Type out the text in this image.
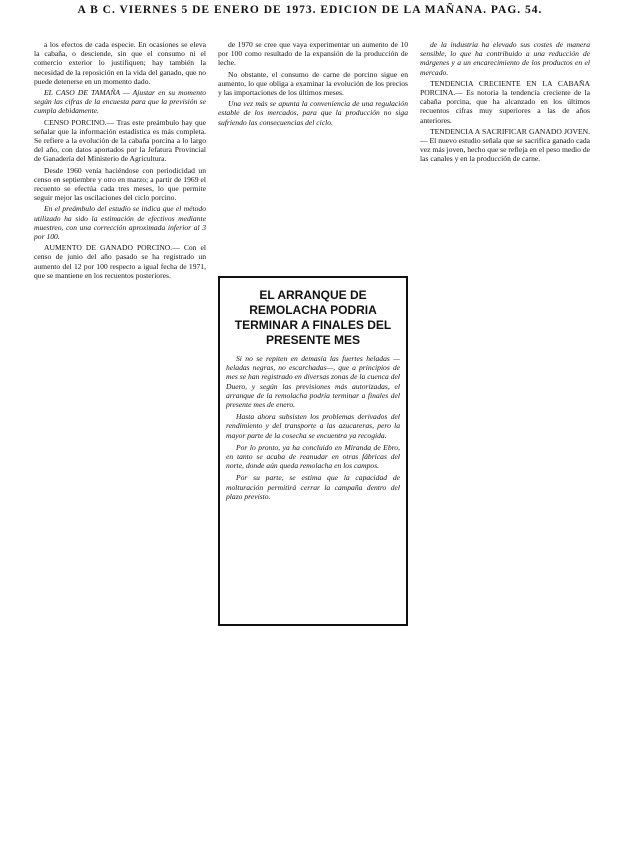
A B C. VIERNES 5 DE ENERO DE 1973. EDICION DE LA MAÑANA. PAG. 54.

a los efectos de cada especie. En ocasiones se eleva la cabaña, o desciende, sin que el consumo ni el comercio exterior lo justifiquen; hay también la necesidad de la reposición en la vida del ganado, que no puede detenerse en un momento dado.

EL CASO DE TAMAÑA — Ajustar en su momento según las cifras de la encuesta para que la previsión se cumpla debidamente.

CENSO PORCINO.— Tras este preámbulo hay que señalar que la información estadística es más completa. Se refiere a la evolución de la cabaña porcina a lo largo del año, con datos aportados por la Jefatura Provincial de Ganadería del Ministerio de Agricultura.

Desde 1960 venía haciéndose con periodicidad un censo en septiembre y otro en marzo; a partir de 1969 el recuento se efectúa cada tres meses, lo que permite seguir mejor las oscilaciones del ciclo porcino.

En el preámbulo del estudio se indica que el método utilizado ha sido la estimación de efectivos mediante muestreo, con una corrección aproximada inferior al 3 por 100.

AUMENTO DE GANADO PORCINO.— Con el censo de junio del año pasado se ha registrado un aumento del 12 por 100 respecto a igual fecha de 1971, que se mantiene en los recuentos posteriores.

de 1970 se cree que vaya experimentar un aumento de 10 por 100 como resultado de la expansión de la producción de leche.

No obstante, el consumo de carne de porcino sigue en aumento, lo que obliga a examinar la evolución de los precios y las importaciones de los últimos meses.

Una vez más se apunta la conveniencia de una regulación estable de los mercados, para que la producción no siga sufriendo las consecuencias del ciclo.

EL ARRANQUE DE REMOLACHA PODRIA TERMINAR A FINALES DEL PRESENTE MES

Si no se repiten en demasía las fuertes heladas —heladas negras, no escarchadas—, que a principios de mes se han registrado en diversas zonas de la cuenca del Duero, y según las previsiones más autorizadas, el arranque de la remolacha podría terminar a finales del presente mes de enero.

Hasta ahora subsisten los problemas derivados del rendimiento y del transporte a las azucareras, pero la mayor parte de la cosecha se encuentra ya recogida.

Por lo pronto, ya ha concluido en Miranda de Ebro, en tanto se acaba de reanudar en otras fábricas del norte, donde aún queda remolacha en los campos.

Por su parte, se estima que la capacidad de molturación permitirá cerrar la campaña dentro del plazo previsto.

de la industria ha elevado sus costes de manera sensible, lo que ha contribuido a una reducción de márgenes y a un encarecimiento de los productos en el mercado.

TENDENCIA CRECIENTE EN LA CABAÑA PORCINA.— Es notoria la tendencia creciente de la cabaña porcina, que ha alcanzado en los últimos recuentos cifras muy superiores a las de años anteriores.

TENDENCIA A SACRIFICAR GANADO JOVEN.— El nuevo estudio señala que se sacrifica ganado cada vez más joven, hecho que se refleja en el peso medio de las canales y en la producción de carne.
